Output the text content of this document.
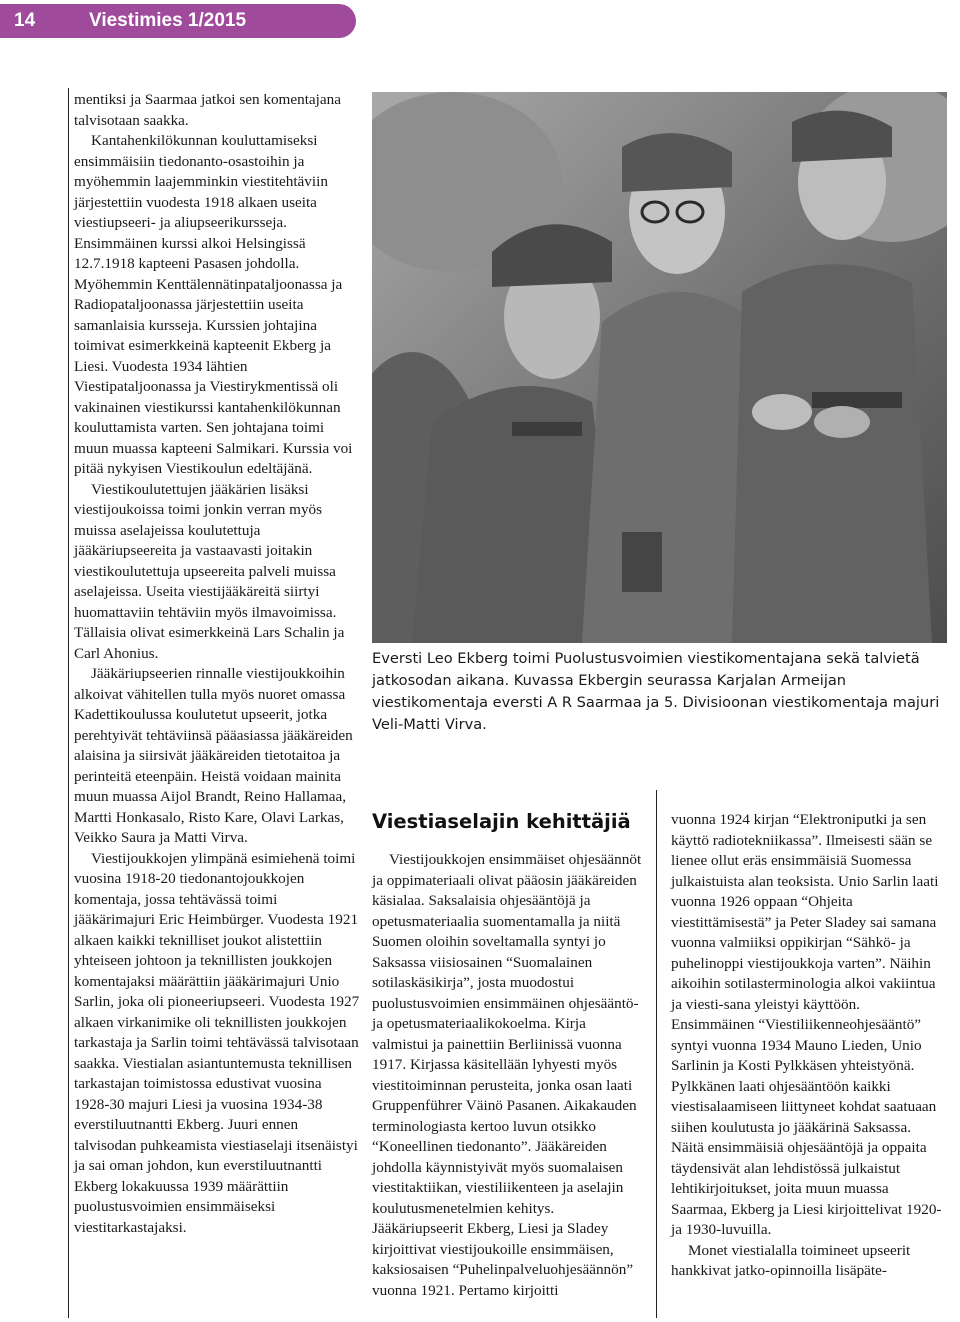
14	Viestimies 1/2015

mentiksi ja Saarmaa jatkoi sen komentajana talvisotaan saakka.

Kantahenkilökunnan kouluttamiseksi ensimmäisiin tiedonanto-osastoihin ja myöhemmin laajemminkin viestitehtäviin järjestettiin vuodesta 1918 alkaen useita viestiupseeri- ja aliupseerikursseja. Ensimmäinen kurssi alkoi Helsingissä 12.7.1918 kapteeni Pasasen johdolla. Myöhemmin Kenttälennätinpataljoonassa ja Radiopataljoonassa järjestettiin useita samanlaisia kursseja. Kurssien johtajina toimivat esimerkkeinä kapteenit Ekberg ja Liesi. Vuodesta 1934 lähtien Viestipataljoonassa ja Viestirykmentissä oli vakinainen viestikurssi kantahenkilökunnan kouluttamista varten. Sen johtajana toimi muun muassa kapteeni Salmikari. Kurssia voi pitää nykyisen Viestikoulun edeltäjänä.

Viestikoulutettujen jääkärien lisäksi viestijoukoissa toimi jonkin verran myös muissa aselajeissa koulutettuja jääkäriupseereita ja vastaavasti joitakin viestikoulutettuja upseereita palveli muissa aselajeissa. Useita viestijääkäreitä siirtyi huomattaviin tehtäviin myös ilmavoimissa. Tällaisia olivat esimerkkeinä Lars Schalin ja Carl Ahonius.

Jääkäriupseerien rinnalle viestijoukkoihin alkoivat vähitellen tulla myös nuoret omassa Kadettikoulussa koulutetut upseerit, jotka perehtyivät tehtäviinsä pääasiassa jääkäreiden alaisina ja siirsivät jääkäreiden tietotaitoa ja perinteitä eteenpäin. Heistä voidaan mainita muun muassa Aijol Brandt, Reino Hallamaa, Martti Honkasalo, Risto Kare, Olavi Larkas, Veikko Saura ja Matti Virva.

Viestijoukkojen ylimpänä esimiehenä toimi vuosina 1918-20 tiedonantojoukkojen komentaja, jossa tehtävässä toimi jääkärimajuri Eric Heimbürger. Vuodesta 1921 alkaen kaikki teknilliset joukot alistettiin yhteiseen johtoon ja teknillisten joukkojen komentajaksi määrättiin jääkärimajuri Unio Sarlin, joka oli pioneeriupseeri. Vuodesta 1927 alkaen virkanimike oli teknillisten joukkojen tarkastaja ja Sarlin toimi tehtävässä talvisotaan saakka. Viestialan asiantuntemusta teknillisen tarkastajan toimistossa edustivat vuosina 1928-30 majuri Liesi ja vuosina 1934-38 everstiluutnantti Ekberg. Juuri ennen talvisodan puhkeamista viestiaselaji itsenäistyi ja sai oman johdon, kun everstiluutnantti Ekberg lokakuussa 1939 määrättiin puolustusvoimien ensimmäiseksi viestitarkastajaksi.

Eversti Leo Ekberg toimi Puolustusvoimien viestikomentajana sekä talvietä jatkosodan aikana. Kuvassa Ekbergin seurassa Karjalan Armeijan viestikomentaja eversti A R Saarmaa ja 5. Divisioonan viestikomentaja majuri Veli-Matti Virva.
Viestiaselajin kehittäjiä

Viestijoukkojen ensimmäiset ohjesäännöt ja oppimateriaali olivat pääosin jääkäreiden käsialaa. Saksalaisia ohjesääntöjä ja opetusmateriaalia suomentamalla ja niitä Suomen oloihin soveltamalla syntyi jo Saksassa viisiosainen “Suomalainen sotilaskäsikirja”, josta muodostui puolustusvoimien ensimmäinen ohjesääntö- ja opetusmateriaalikokoelma. Kirja valmistui ja painettiin Berliinissä vuonna 1917. Kirjassa käsitellään lyhyesti myös viestitoiminnan perusteita, jonka osan laati Gruppenführer Väinö Pasanen. Aikakauden terminologiasta kertoo luvun otsikko “Koneellinen tiedonanto”. Jääkäreiden johdolla käynnistyivät myös suomalaisen viestitaktiikan, viestiliikenteen ja aselajin koulutusmenetelmien kehitys. Jääkäriupseerit Ekberg, Liesi ja Sladey kirjoittivat viestijoukoille ensimmäisen, kaksiosaisen “Puhelinpalveluohjesäännön” vuonna 1921. Pertamo kirjoitti

vuonna 1924 kirjan “Elektroniputki ja sen käyttö radiotekniikassa”. Ilmeisesti sään se lienee ollut eräs ensimmäisiä Suomessa julkaistuista alan teoksista. Unio Sarlin laati vuonna 1926 oppaan “Ohjeita viestittämisestä” ja Peter Sladey sai samana vuonna valmiiksi oppikirjan “Sähkö- ja puhelinoppi viestijoukkoja varten”. Näihin aikoihin sotilasterminologia alkoi vakiintua ja viesti-sana yleistyi käyttöön. Ensimmäinen “Viestiliikenneohjesääntö” syntyi vuonna 1934 Mauno Lieden, Unio Sarlinin ja Kosti Pylkkäsen yhteistyönä. Pylkkänen laati ohjesääntöön kaikki viestisalaamiseen liittyneet kohdat saatuaan siihen koulutusta jo jääkärinä Saksassa. Näitä ensimmäisiä ohjesääntöjä ja oppaita täydensivät alan lehdistössä julkaistut lehtikirjoitukset, joita muun muassa Saarmaa, Ekberg ja Liesi kirjoittelivat 1920- ja 1930-luvuilla.

Monet viestialalla toimineet upseerit hankkivat jatko-opinnoilla lisäpäte-
